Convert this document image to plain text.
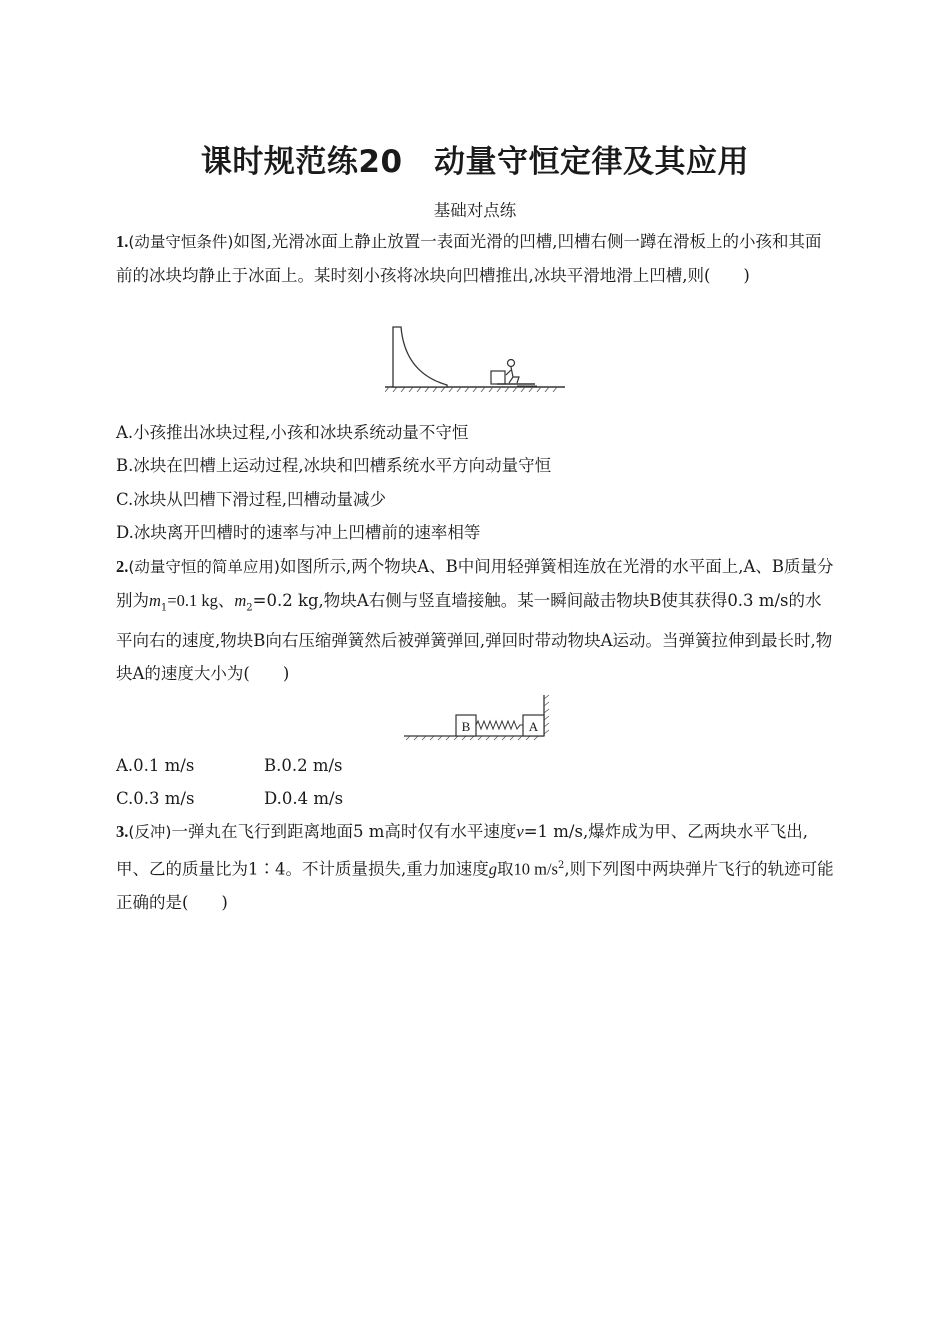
课时规范练20　动量守恒定律及其应用
基础对点练
1.(动量守恒条件)如图,光滑冰面上静止放置一表面光滑的凹槽,凹槽右侧一蹲在滑板上的小孩和其面前的冰块均静止于冰面上。某时刻小孩将冰块向凹槽推出,冰块平滑地滑上凹槽,则(　　)
A.小孩推出冰块过程,小孩和冰块系统动量不守恒
B.冰块在凹槽上运动过程,冰块和凹槽系统水平方向动量守恒
C.冰块从凹槽下滑过程,凹槽动量减少
D.冰块离开凹槽时的速率与冲上凹槽前的速率相等
2.(动量守恒的简单应用)如图所示,两个物块A、B中间用轻弹簧相连放在光滑的水平面上,A、B质量分别为$m_1=0.1$ kg、$m_2=0.2$ kg,物块A右侧与竖直墙接触。某一瞬间敲击物块B使其获得0.3 m/s的水平向右的速度,物块B向右压缩弹簧然后被弹簧弹回,弹回时带动物块A运动。当弹簧拉伸到最长时,物块A的速度大小为(　　)
B	A
A.0.1 m/s	B.0.2 m/s
C.0.3 m/s	D.0.4 m/s
3.(反冲)一弹丸在飞行到距离地面5 m高时仅有水平速度v=1 m/s,爆炸成为甲、乙两块水平飞出,甲、乙的质量比为1∶4。不计质量损失,重力加速度g取10 $m/s^2$,则下列图中两块弹片飞行的轨迹可能正确的是(　　)
